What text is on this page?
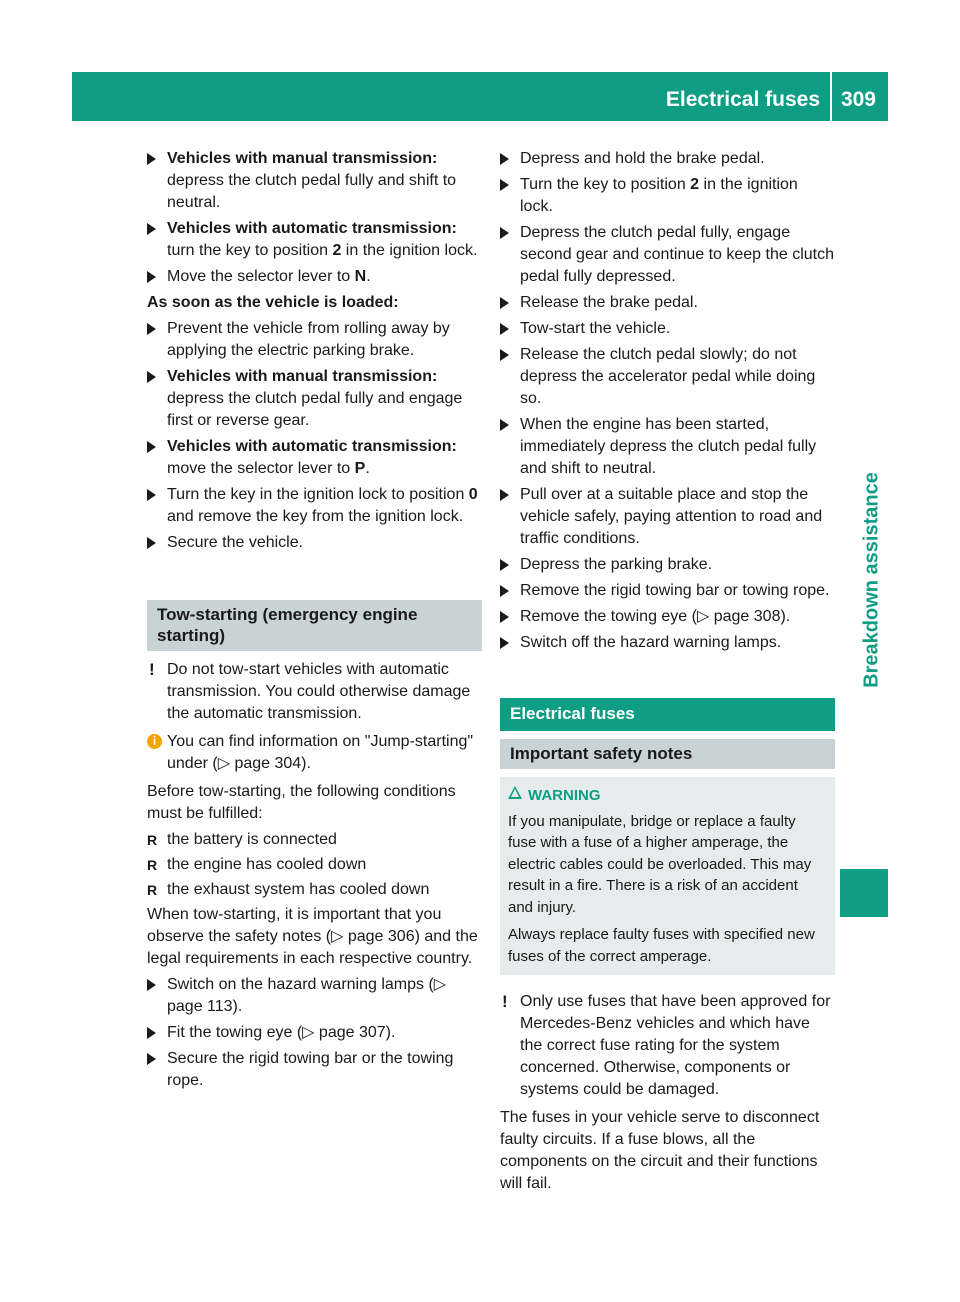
Electrical fuses 309
Breakdown assistance
Vehicles with manual transmission:
depress the clutch pedal fully and shift to neutral.
Vehicles with automatic transmission:
turn the key to position 2 in the ignition lock.
Move the selector lever to N.

As soon as the vehicle is loaded:

Prevent the vehicle from rolling away by applying the electric parking brake.
Vehicles with manual transmission:
depress the clutch pedal fully and engage first or reverse gear.
Vehicles with automatic transmission:
move the selector lever to P.
Turn the key in the ignition lock to position 0 and remove the key from the ignition lock.
Secure the vehicle.
Tow-starting (emergency engine starting)
! Do not tow-start vehicles with automatic transmission. You could otherwise damage the automatic transmission.
i You can find information on "Jump-starting" under (▷ page 304).

Before tow-starting, the following conditions must be fulfilled:

R the battery is connected
R the engine has cooled down
R the exhaust system has cooled down

When tow-starting, it is important that you observe the safety notes (▷ page 306) and the legal requirements in each respective country.

Switch on the hazard warning lamps (▷ page 113).
Fit the towing eye (▷ page 307).
Secure the rigid towing bar or the towing rope.
Depress and hold the brake pedal.
Turn the key to position 2 in the ignition lock.
Depress the clutch pedal fully, engage second gear and continue to keep the clutch pedal fully depressed.
Release the brake pedal.
Tow-start the vehicle.
Release the clutch pedal slowly; do not depress the accelerator pedal while doing so.
When the engine has been started, immediately depress the clutch pedal fully and shift to neutral.
Pull over at a suitable place and stop the vehicle safely, paying attention to road and traffic conditions.
Depress the parking brake.
Remove the rigid towing bar or towing rope.
Remove the towing eye (▷ page 308).
Switch off the hazard warning lamps.
Electrical fuses
Important safety notes
WARNING
If you manipulate, bridge or replace a faulty fuse with a fuse of a higher amperage, the electric cables could be overloaded. This may result in a fire. There is a risk of an accident and injury.
Always replace faulty fuses with specified new fuses of the correct amperage.
! Only use fuses that have been approved for Mercedes-Benz vehicles and which have the correct fuse rating for the system concerned. Otherwise, components or systems could be damaged.

The fuses in your vehicle serve to disconnect faulty circuits. If a fuse blows, all the components on the circuit and their functions will fail.
